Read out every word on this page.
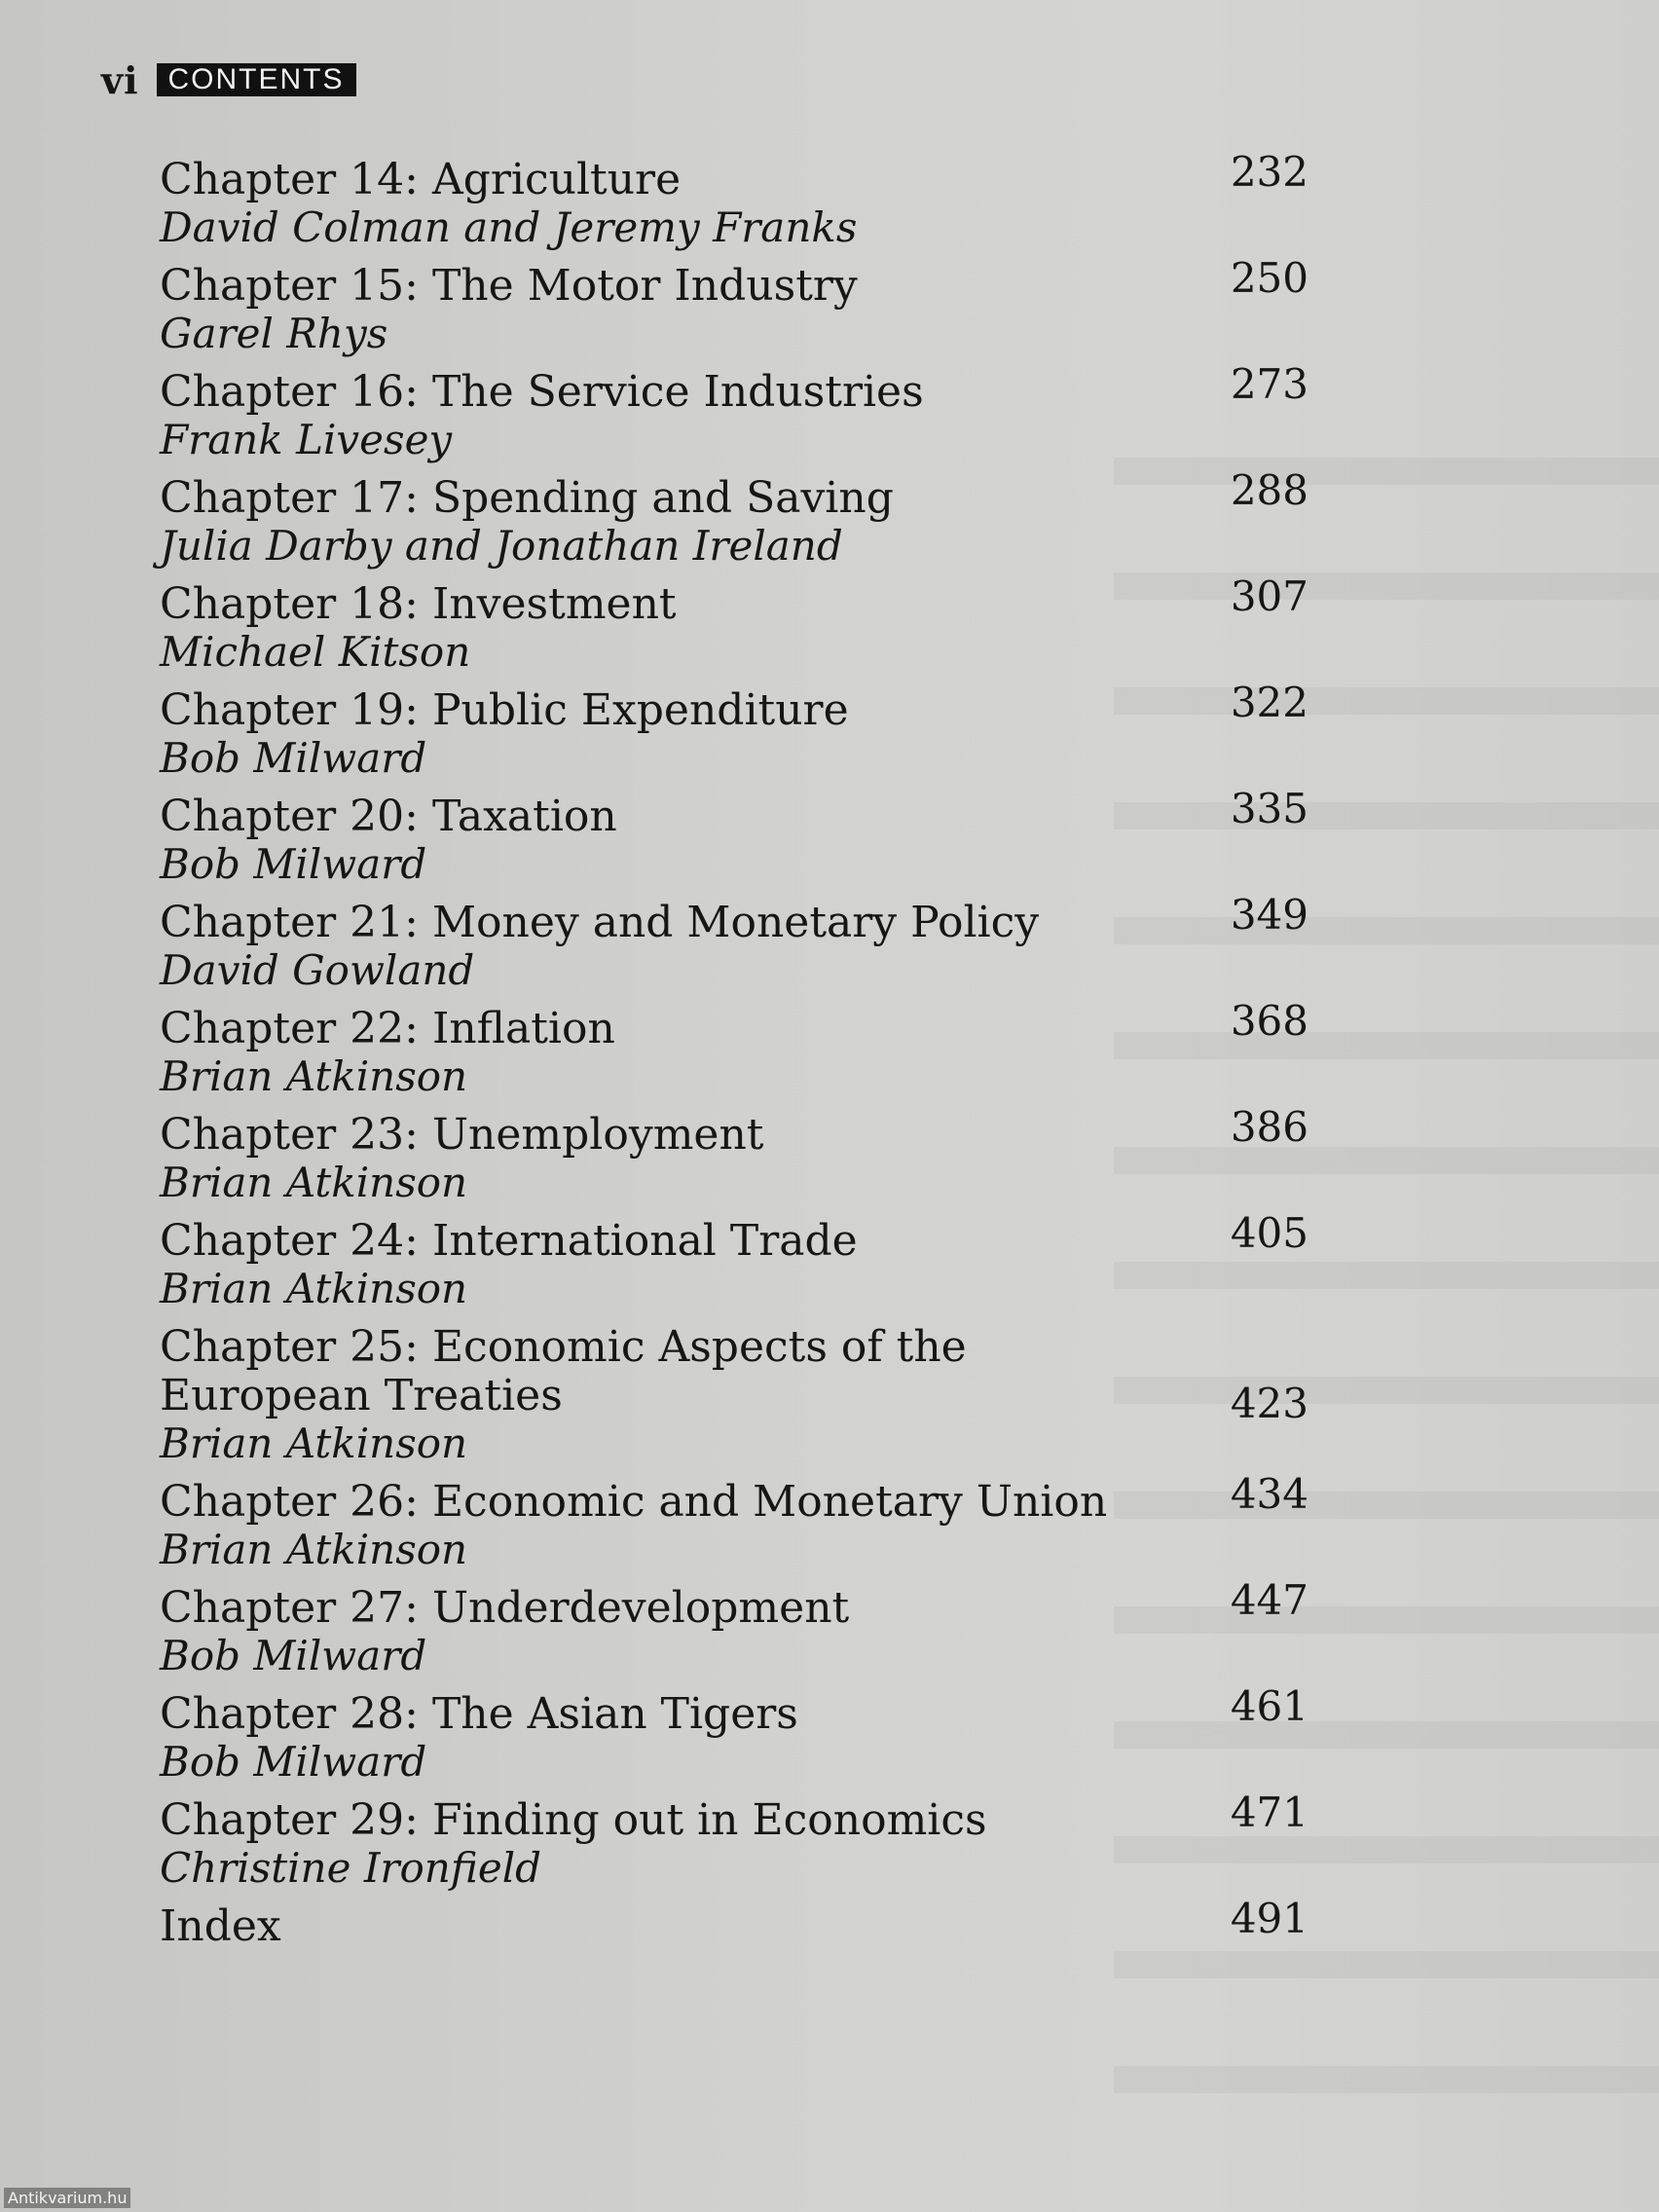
vi	CONTENTS
Chapter 14: Agriculture
David Colman and Jeremy Franks
232
Chapter 15: The Motor Industry
Garel Rhys
250
Chapter 16: The Service Industries
Frank Livesey
273
Chapter 17: Spending and Saving
Julia Darby and Jonathan Ireland
288
Chapter 18: Investment
Michael Kitson
307
Chapter 19: Public Expenditure
Bob Milward
322
Chapter 20: Taxation
Bob Milward
335
Chapter 21: Money and Monetary Policy
David Gowland
349
Chapter 22: Inflation
Brian Atkinson
368
Chapter 23: Unemployment
Brian Atkinson
386
Chapter 24: International Trade
Brian Atkinson
405
Chapter 25: Economic Aspects of the European Treaties
Brian Atkinson
423
Chapter 26: Economic and Monetary Union
Brian Atkinson
434
Chapter 27: Underdevelopment
Bob Milward
447
Chapter 28: The Asian Tigers
Bob Milward
461
Chapter 29: Finding out in Economics
Christine Ironfield
471
Index	491
Antikvarium.hu
